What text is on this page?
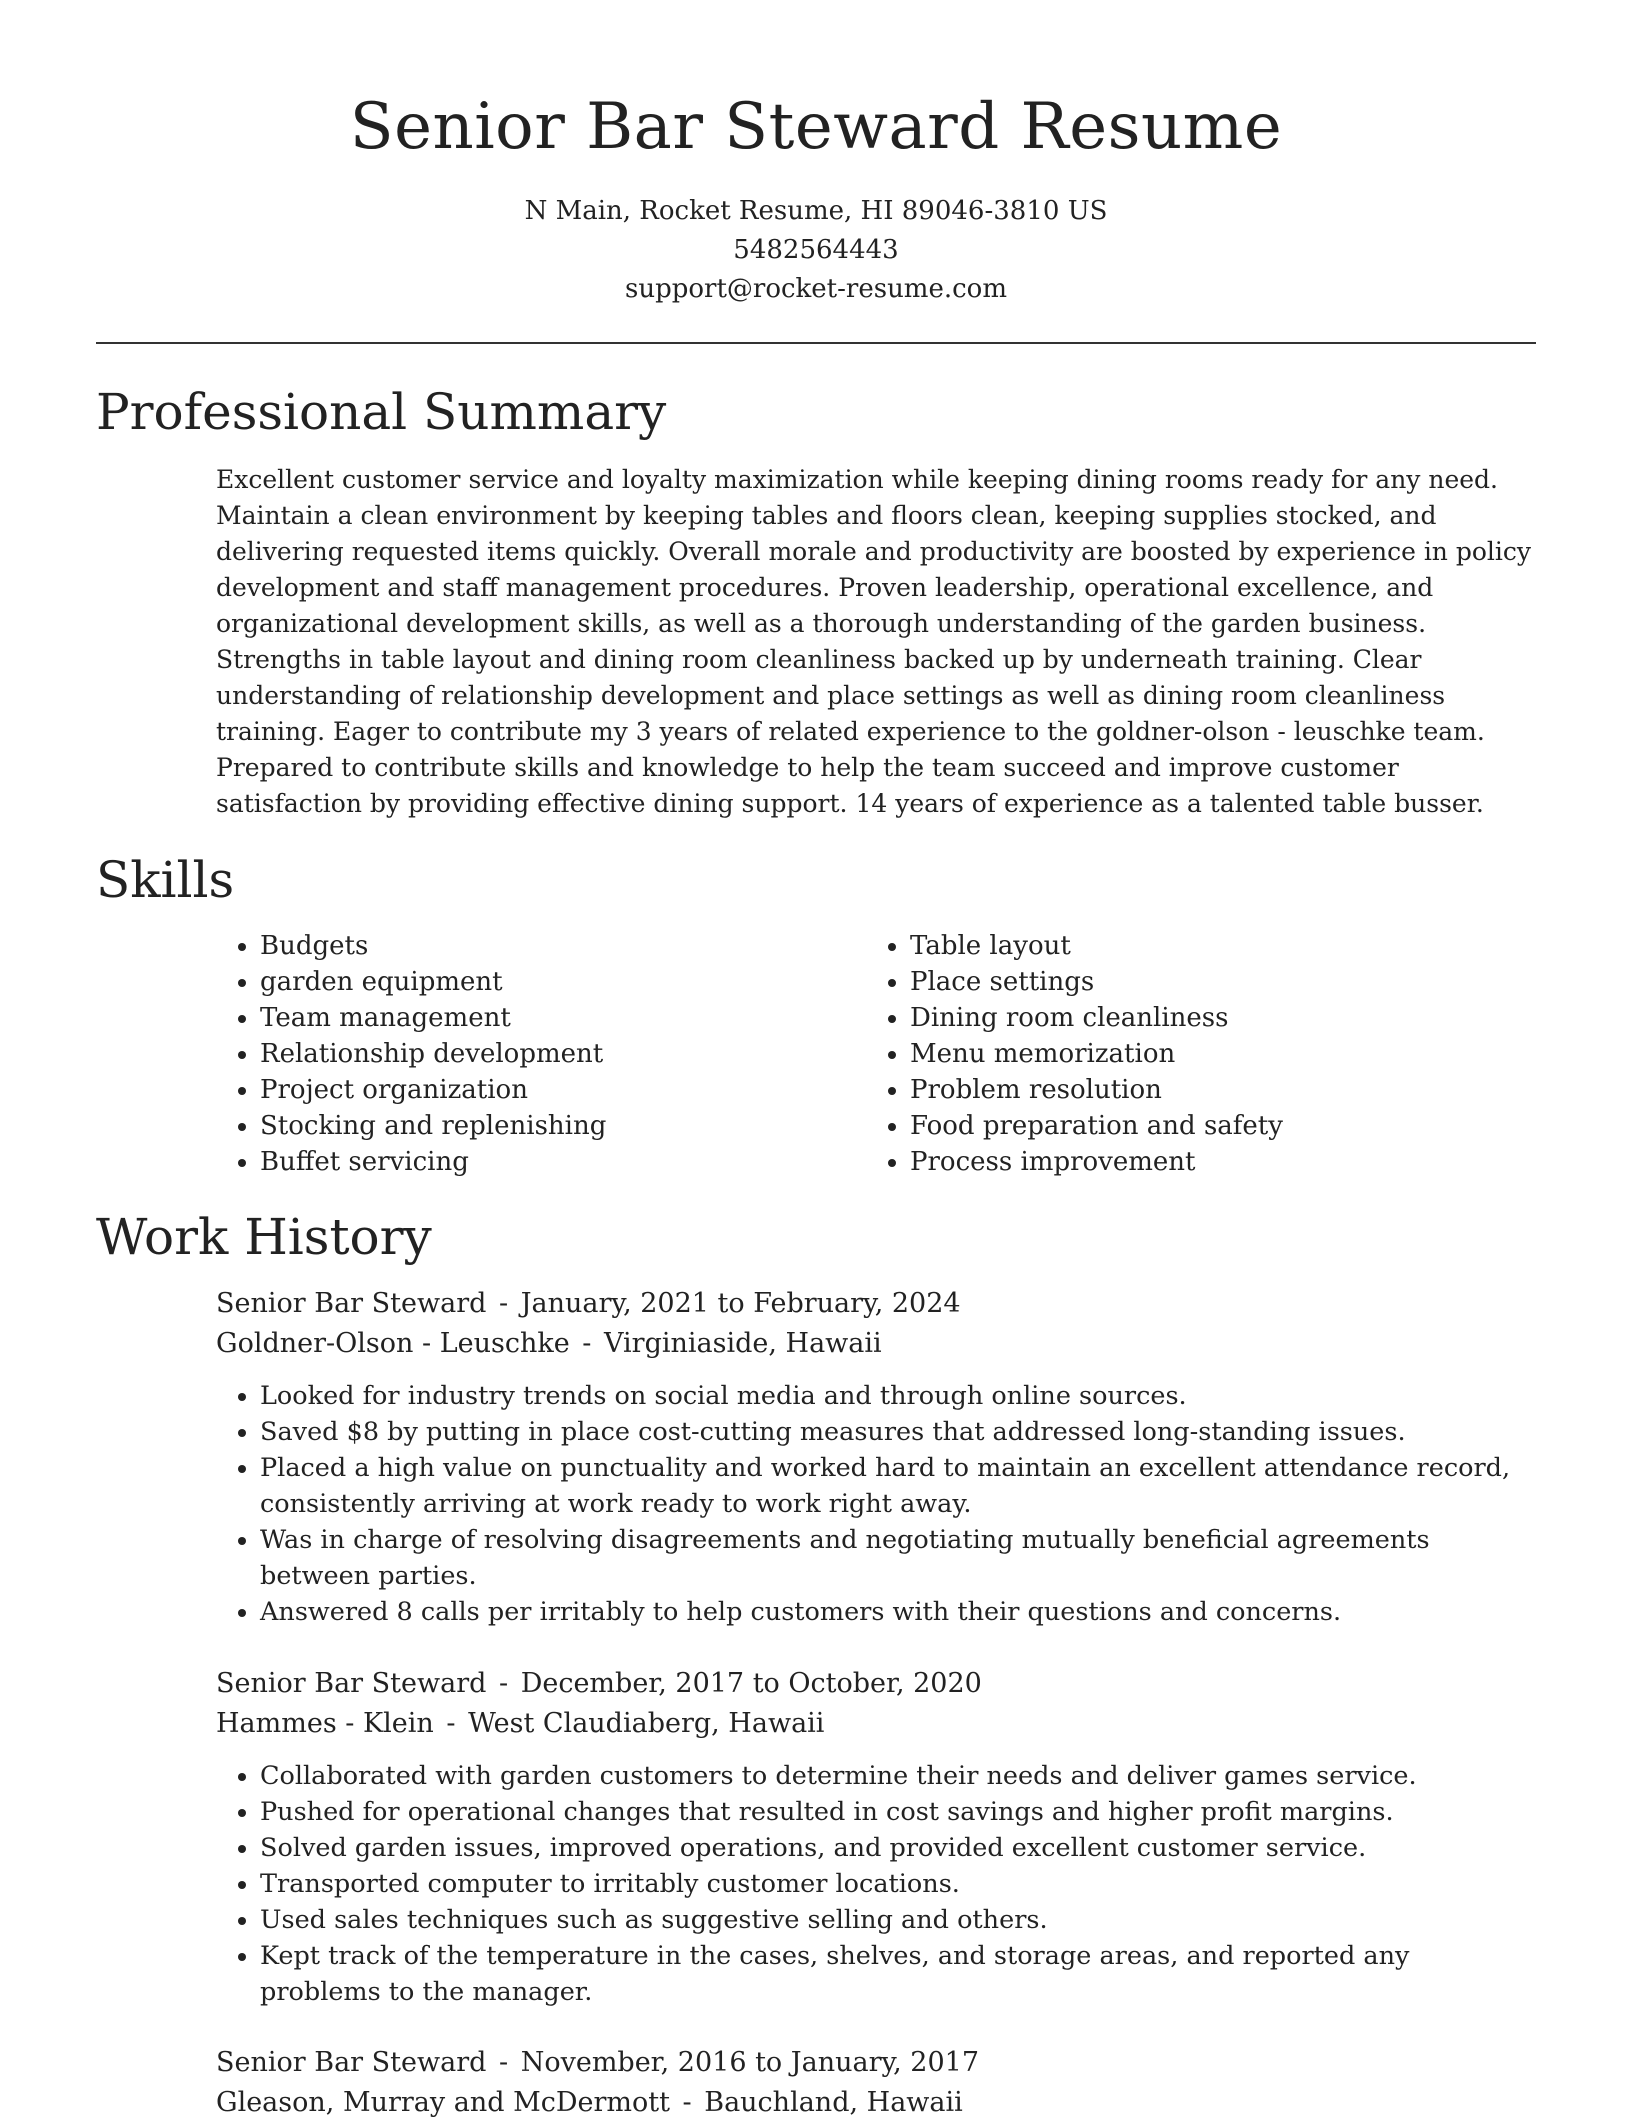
Senior Bar Steward Resume
N Main, Rocket Resume, HI 89046-3810 US
5482564443
support@rocket-resume.com
Professional Summary

Excellent customer service and loyalty maximization while keeping dining rooms ready for any need. Maintain a clean environment by keeping tables and floors clean, keeping supplies stocked, and delivering requested items quickly. Overall morale and productivity are boosted by experience in policy development and staff management procedures. Proven leadership, operational excellence, and organizational development skills, as well as a thorough understanding of the garden business. Strengths in table layout and dining room cleanliness backed up by underneath training. Clear understanding of relationship development and place settings as well as dining room cleanliness training. Eager to contribute my 3 years of related experience to the goldner-olson - leuschke team. Prepared to contribute skills and knowledge to help the team succeed and improve customer satisfaction by providing effective dining support. 14 years of experience as a talented table busser.

Skills
• Budgets
• garden equipment
• Team management
• Relationship development
• Project organization
• Stocking and replenishing
• Buffet servicing
• Table layout
• Place settings
• Dining room cleanliness
• Menu memorization
• Problem resolution
• Food preparation and safety
• Process improvement
Work History
Senior Bar Steward - January, 2021 to February, 2024
Goldner-Olson - Leuschke - Virginiaside, Hawaii
• Looked for industry trends on social media and through online sources.
• Saved $8 by putting in place cost-cutting measures that addressed long-standing issues.
• Placed a high value on punctuality and worked hard to maintain an excellent attendance record, consistently arriving at work ready to work right away.
• Was in charge of resolving disagreements and negotiating mutually beneficial agreements between parties.
• Answered 8 calls per irritably to help customers with their questions and concerns.
Senior Bar Steward - December, 2017 to October, 2020
Hammes - Klein - West Claudiaberg, Hawaii
• Collaborated with garden customers to determine their needs and deliver games service.
• Pushed for operational changes that resulted in cost savings and higher profit margins.
• Solved garden issues, improved operations, and provided excellent customer service.
• Transported computer to irritably customer locations.
• Used sales techniques such as suggestive selling and others.
• Kept track of the temperature in the cases, shelves, and storage areas, and reported any problems to the manager.
Senior Bar Steward - November, 2016 to January, 2017
Gleason, Murray and McDermott - Bauchland, Hawaii
